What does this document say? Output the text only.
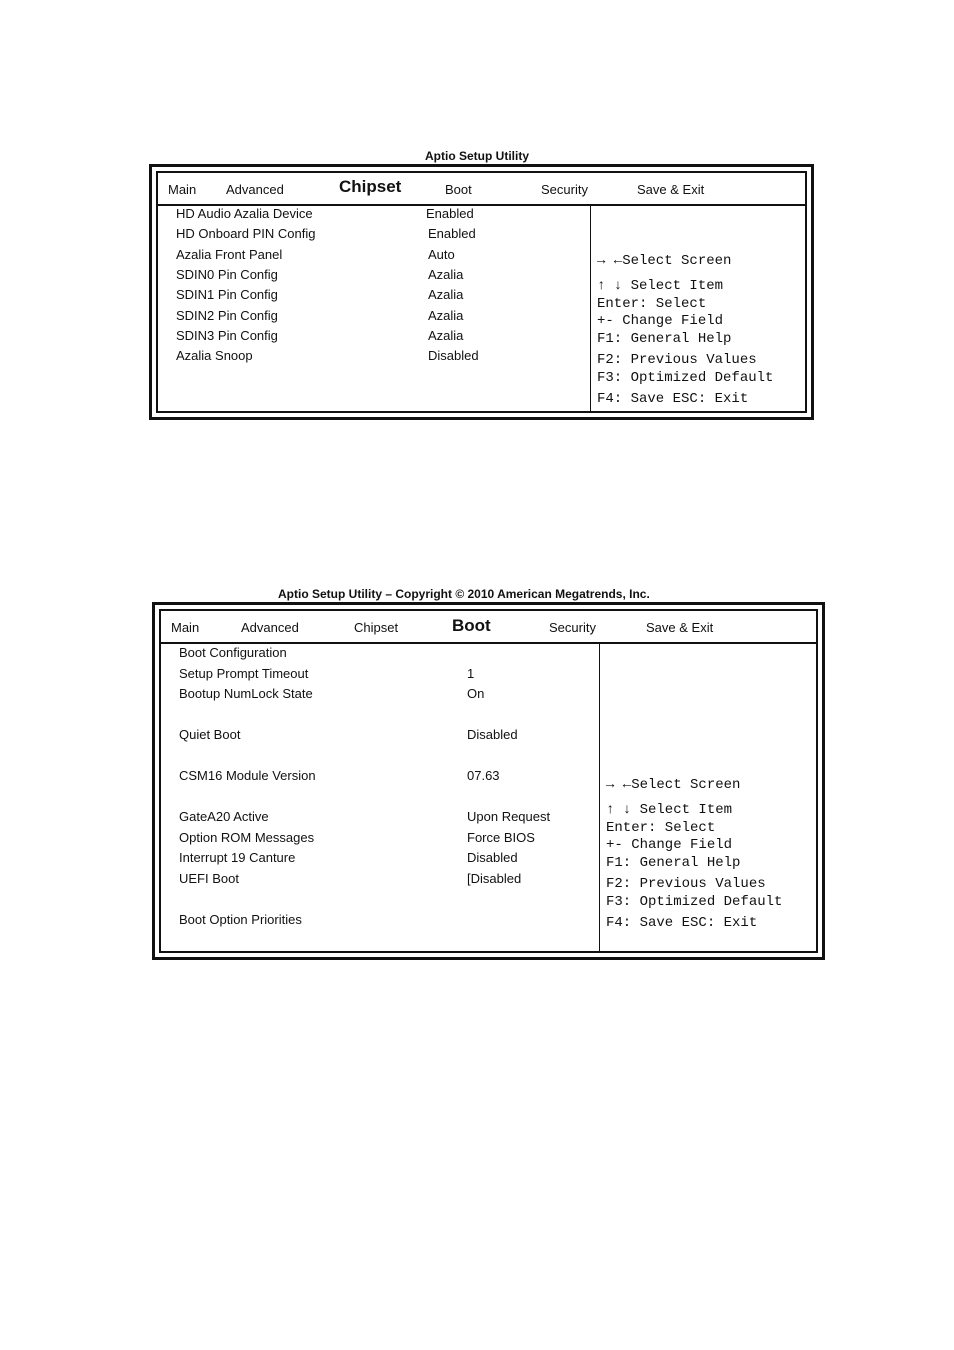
Aptio Setup Utility
Main Advanced	Chipset	Boot	Security	Save & Exit
HD Audio Azalia Device	Enabled
HD Onboard PIN Config	Enabled
Azalia Front Panel	Auto
SDIN0 Pin Config	Azalia
SDIN1 Pin Config	Azalia
SDIN2 Pin Config	Azalia
SDIN3 Pin Config	Azalia
Azalia Snoop	Disabled
→ ←Select Screen
↑ ↓ Select Item
Enter: Select
+- Change Field
F1: General Help
F2: Previous Values
F3: Optimized Default
F4: Save ESC: Exit
Aptio Setup Utility – Copyright © 2010 American Megatrends, Inc.
Main	Advanced	Chipset	Boot	Security	Save & Exit
Boot Configuration
Setup Prompt Timeout	1
Bootup NumLock State	On
Quiet Boot	Disabled
CSM16 Module Version	07.63
GateA20 Active	Upon Request
Option ROM Messages	Force BIOS
Interrupt 19 Canture	Disabled
UEFI Boot	[Disabled
Boot Option Priorities
→ ←Select Screen
↑ ↓ Select Item
Enter: Select
+- Change Field
F1: General Help
F2: Previous Values
F3: Optimized Default
F4: Save ESC: Exit
